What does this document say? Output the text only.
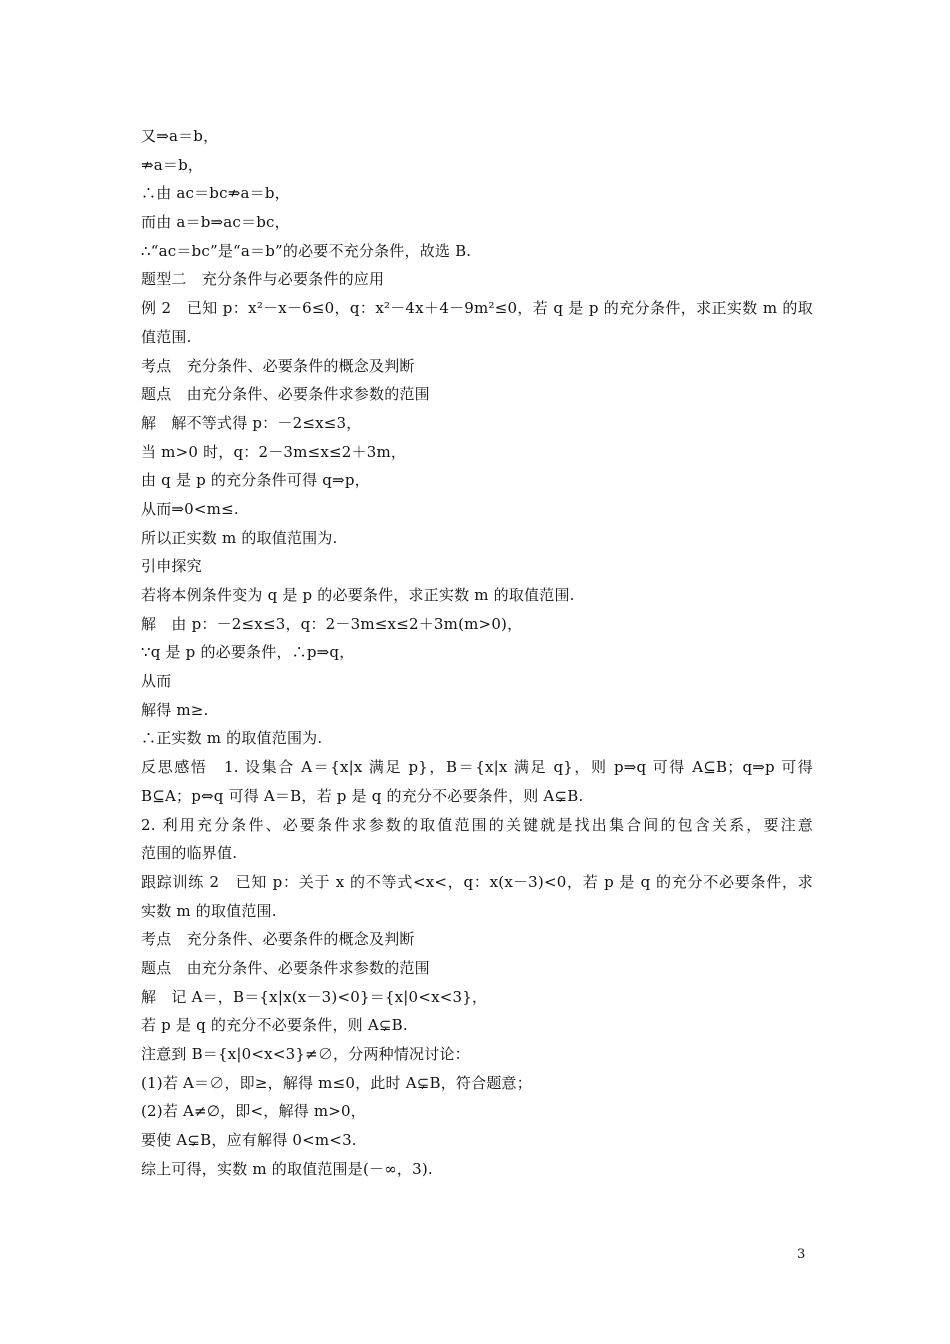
又⇒a＝b，
⇏a＝b，
∴由 ac＝bc⇏a＝b，
而由 a＝b⇒ac＝bc，
∴“ac＝bc”是“a＝b”的必要不充分条件，故选 B.
题型二　充分条件与必要条件的应用
例 2　已知 p：x²－x－6≤0，q：x²－4x＋4－9m²≤0，若 q 是 p 的充分条件，求正实数 m 的取
值范围.
考点　充分条件、必要条件的概念及判断
题点　由充分条件、必要条件求参数的范围
解　解不等式得 p：－2≤x≤3，
当 m>0 时，q：2－3m≤x≤2＋3m，
由 q 是 p 的充分条件可得 q⇒p，
从而⇒0<m≤.
所以正实数 m 的取值范围为.
引申探究
若将本例条件变为 q 是 p 的必要条件，求正实数 m 的取值范围.
解　由 p：－2≤x≤3，q：2－3m≤x≤2＋3m(m>0)，
∵q 是 p 的必要条件，∴p⇒q，
从而
解得 m≥.
∴正实数 m 的取值范围为.
反思感悟　1. 设集合 A＝{x|x 满足 p}，B＝{x|x 满足 q}，则 p⇒q 可得 A⊆B；q⇒p 可得
B⊆A；p⇔q 可得 A＝B，若 p 是 q 的充分不必要条件，则 A⊊B.
2. 利用充分条件、必要条件求参数的取值范围的关键就是找出集合间的包含关系，要注意
范围的临界值.
跟踪训练 2　已知 p：关于 x 的不等式<x<，q：x(x－3)<0，若 p 是 q 的充分不必要条件，求
实数 m 的取值范围.
考点　充分条件、必要条件的概念及判断
题点　由充分条件、必要条件求参数的范围
解　记 A＝，B＝{x|x(x－3)<0}＝{x|0<x<3}，
若 p 是 q 的充分不必要条件，则 A⊊B.
注意到 B＝{x|0<x<3}≠∅，分两种情况讨论：
(1)若 A＝∅，即≥，解得 m≤0，此时 A⊊B，符合题意；
(2)若 A≠∅，即<，解得 m>0，
要使 A⊊B，应有解得 0<m<3.
综上可得，实数 m 的取值范围是(－∞，3).
3
